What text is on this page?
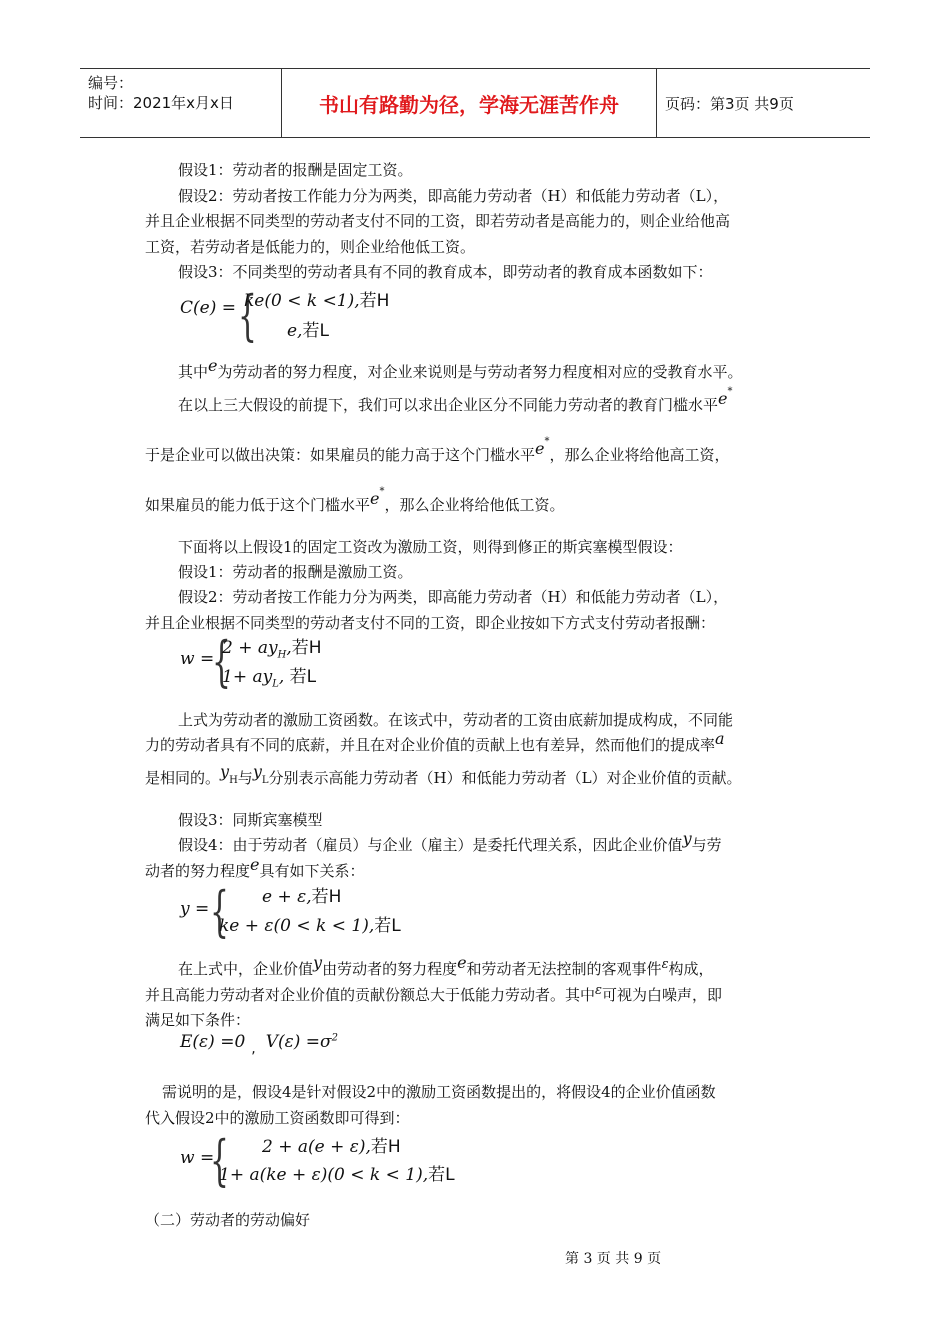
编号：
时间：2021年x月x日	书山有路勤为径，学海无涯苦作舟	页码：第3页 共9页
假设1：劳动者的报酬是固定工资。
假设2：劳动者按工作能力分为两类，即高能力劳动者（H）和低能力劳动者（L），
并且企业根据不同类型的劳动者支付不同的工资，即若劳动者是高能力的，则企业给他高
工资，若劳动者是低能力的，则企业给他低工资。
假设3：不同类型的劳动者具有不同的教育成本，即劳动者的教育成本函数如下：
C(e) = {
ke(0 < k <1),若H
e,若L
其中e为劳动者的努力程度，对企业来说则是与劳动者努力程度相对应的受教育水平。
在以上三大假设的前提下，我们可以求出企业区分不同能力劳动者的教育门槛水平e*
于是企业可以做出决策：如果雇员的能力高于这个门槛水平e*，那么企业将给他高工资，
如果雇员的能力低于这个门槛水平e*，那么企业将给他低工资。
下面将以上假设1的固定工资改为激励工资，则得到修正的斯宾塞模型假设：
假设1：劳动者的报酬是激励工资。
假设2：劳动者按工作能力分为两类，即高能力劳动者（H）和低能力劳动者（L），
并且企业根据不同类型的劳动者支付不同的工资，即企业按如下方式支付劳动者报酬：
w =
{
$2 + ay_H$,若H
$1+ ay_L$, 若L
上式为劳动者的激励工资函数。在该式中，劳动者的工资由底薪加提成构成，不同能
力的劳动者具有不同的底薪，并且在对企业价值的贡献上也有差异，然而他们的提成率a
是相同的。$y_H$与$y_L$分别表示高能力劳动者（H）和低能力劳动者（L）对企业价值的贡献。
假设3：同斯宾塞模型
假设4：由于劳动者（雇员）与企业（雇主）是委托代理关系，因此企业价值y与劳
动者的努力程度e具有如下关系：
y = { e + ε,若H
ke + ε(0 < k < 1),若L
在上式中，企业价值y由劳动者的努力程度e和劳动者无法控制的客观事件ε构成，
并且高能力劳动者对企业价值的贡献份额总大于低能力劳动者。其中ε可视为白噪声，即
满足如下条件：
E(ε) =0 $_,$ $V(\varepsilon) =\sigma^2$
需说明的是，假设4是针对假设2中的激励工资函数提出的，将假设4的企业价值函数
代入假设2中的激励工资函数即可得到：
w =
{ 2 + a(e + ε),若H
1+ a(ke + ε)(0 < k < 1),若L
（二）劳动者的劳动偏好
第 3 页 共 9 页
